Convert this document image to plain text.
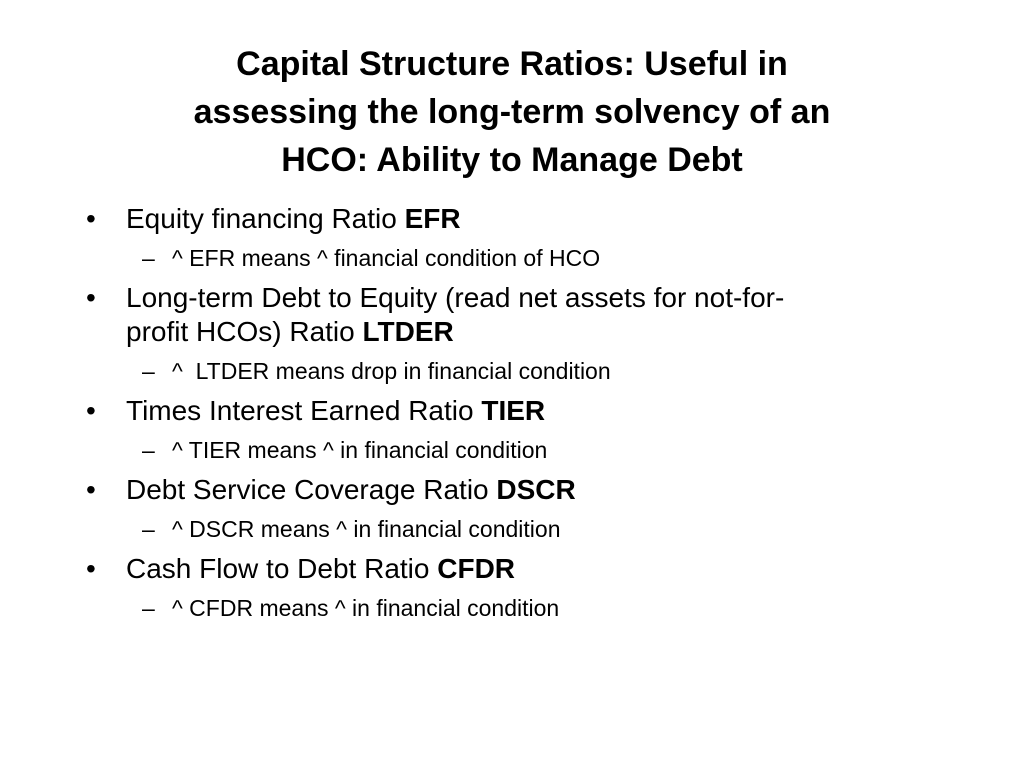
Capital Structure Ratios: Useful in
assessing the long-term solvency of an
HCO: Ability to Manage Debt
• Equity financing Ratio EFR
– ^ EFR means ^ financial condition of HCO
• Long-term Debt to Equity (read net assets for not-for-
profit HCOs) Ratio LTDER
– ^  LTDER means drop in financial condition
• Times Interest Earned Ratio TIER
– ^ TIER means ^ in financial condition
• Debt Service Coverage Ratio DSCR
– ^ DSCR means ^ in financial condition
• Cash Flow to Debt Ratio CFDR
– ^ CFDR means ^ in financial condition
